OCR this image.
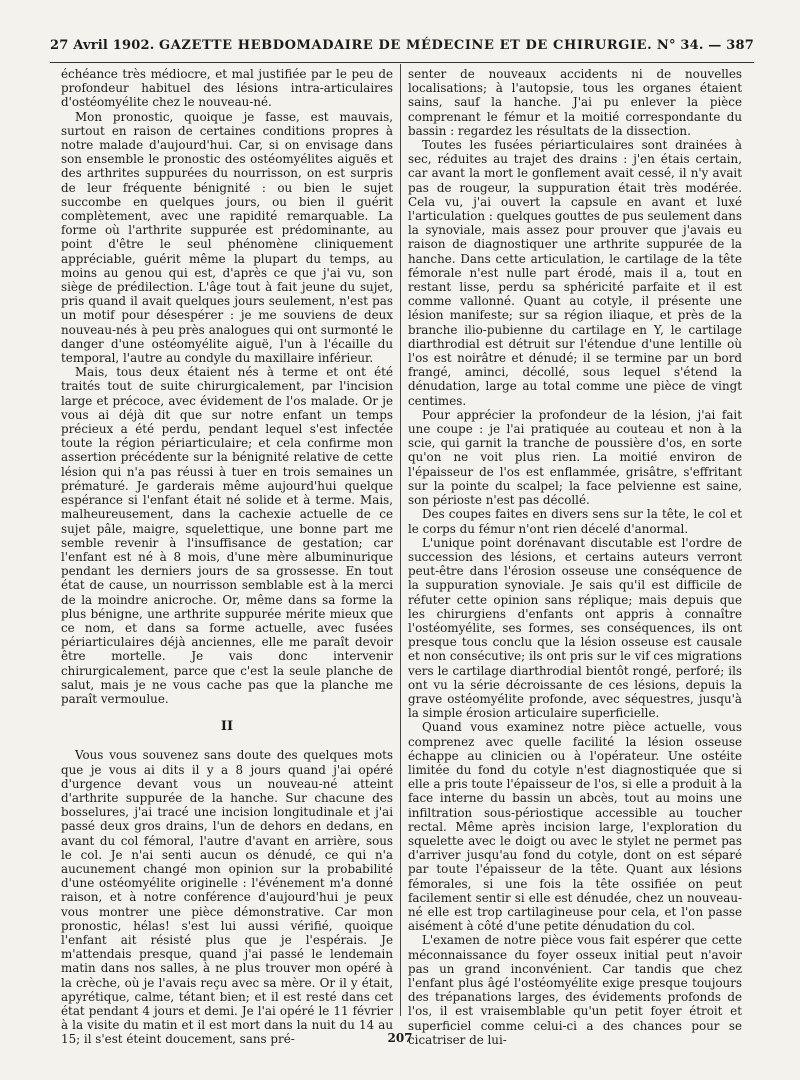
27 Avril 1902. GAZETTE HEBDOMADAIRE DE MÉDECINE ET DE CHIRURGIE. N° 34. — 387

échéance très médiocre, et mal justifiée par le peu de profondeur habituel des lésions intra-articulaires d'ostéomyélite chez le nouveau-né.

Mon pronostic, quoique je fasse, est mauvais, surtout en raison de certaines conditions propres à notre malade d'aujourd'hui. Car, si on envisage dans son ensemble le pronostic des ostéomyélites aiguës et des arthrites suppurées du nourrisson, on est surpris de leur fréquente bénignité : ou bien le sujet succombe en quelques jours, ou bien il guérit complètement, avec une rapidité remarquable. La forme où l'arthrite suppurée est prédominante, au point d'être le seul phénomène cliniquement appréciable, guérit même la plupart du temps, au moins au genou qui est, d'après ce que j'ai vu, son siège de prédilection. L'âge tout à fait jeune du sujet, pris quand il avait quelques jours seulement, n'est pas un motif pour désespérer : je me souviens de deux nouveau-nés à peu près analogues qui ont surmonté le danger d'une ostéomyélite aiguë, l'un à l'écaille du temporal, l'autre au condyle du maxillaire inférieur.

Mais, tous deux étaient nés à terme et ont été traités tout de suite chirurgicalement, par l'incision large et précoce, avec évidement de l'os malade. Or je vous ai déjà dit que sur notre enfant un temps précieux a été perdu, pendant lequel s'est infectée toute la région périarticulaire; et cela confirme mon assertion précédente sur la bénignité relative de cette lésion qui n'a pas réussi à tuer en trois semaines un prématuré. Je garderais même aujourd'hui quelque espérance si l'enfant était né solide et à terme. Mais, malheureusement, dans la cachexie actuelle de ce sujet pâle, maigre, squelettique, une bonne part me semble revenir à l'insuffisance de gestation; car l'enfant est né à 8 mois, d'une mère albuminurique pendant les derniers jours de sa grossesse. En tout état de cause, un nourrisson semblable est à la merci de la moindre anicroche. Or, même dans sa forme la plus bénigne, une arthrite suppurée mérite mieux que ce nom, et dans sa forme actuelle, avec fusées périarticulaires déjà anciennes, elle me paraît devoir être mortelle. Je vais donc intervenir chirurgicalement, parce que c'est la seule planche de salut, mais je ne vous cache pas que la planche me paraît vermoulue.

II

Vous vous souvenez sans doute des quelques mots que je vous ai dits il y a 8 jours quand j'ai opéré d'urgence devant vous un nouveau-né atteint d'arthrite suppurée de la hanche. Sur chacune des bosselures, j'ai tracé une incision longitudinale et j'ai passé deux gros drains, l'un de dehors en dedans, en avant du col fémoral, l'autre d'avant en arrière, sous le col. Je n'ai senti aucun os dénudé, ce qui n'a aucunement changé mon opinion sur la probabilité d'une ostéomyélite originelle : l'événement m'a donné raison, et à notre conférence d'aujourd'hui je peux vous montrer une pièce démonstrative. Car mon pronostic, hélas! s'est lui aussi vérifié, quoique l'enfant ait résisté plus que je l'espérais. Je m'attendais presque, quand j'ai passé le lendemain matin dans nos salles, à ne plus trouver mon opéré à la crèche, où je l'avais reçu avec sa mère. Or il y était, apyrétique, calme, tétant bien; et il est resté dans cet état pendant 4 jours et demi. Je l'ai opéré le 11 février à la visite du matin et il est mort dans la nuit du 14 au 15; il s'est éteint doucement, sans pré-

senter de nouveaux accidents ni de nouvelles localisations; à l'autopsie, tous les organes étaient sains, sauf la hanche. J'ai pu enlever la pièce comprenant le fémur et la moitié correspondante du bassin : regardez les résultats de la dissection.

Toutes les fusées périarticulaires sont drainées à sec, réduites au trajet des drains : j'en étais certain, car avant la mort le gonflement avait cessé, il n'y avait pas de rougeur, la suppuration était très modérée. Cela vu, j'ai ouvert la capsule en avant et luxé l'articulation : quelques gouttes de pus seulement dans la synoviale, mais assez pour prouver que j'avais eu raison de diagnostiquer une arthrite suppurée de la hanche. Dans cette articulation, le cartilage de la tête fémorale n'est nulle part érodé, mais il a, tout en restant lisse, perdu sa sphéricité parfaite et il est comme vallonné. Quant au cotyle, il présente une lésion manifeste; sur sa région iliaque, et près de la branche ilio-pubienne du cartilage en Y, le cartilage diarthrodial est détruit sur l'étendue d'une lentille où l'os est noirâtre et dénudé; il se termine par un bord frangé, aminci, décollé, sous lequel s'étend la dénudation, large au total comme une pièce de vingt centimes.

Pour apprécier la profondeur de la lésion, j'ai fait une coupe : je l'ai pratiquée au couteau et non à la scie, qui garnit la tranche de poussière d'os, en sorte qu'on ne voit plus rien. La moitié environ de l'épaisseur de l'os est enflammée, grisâtre, s'effritant sur la pointe du scalpel; la face pelvienne est saine, son périoste n'est pas décollé.

Des coupes faites en divers sens sur la tête, le col et le corps du fémur n'ont rien décelé d'anormal.

L'unique point dorénavant discutable est l'ordre de succession des lésions, et certains auteurs verront peut-être dans l'érosion osseuse une conséquence de la suppuration synoviale. Je sais qu'il est difficile de réfuter cette opinion sans réplique; mais depuis que les chirurgiens d'enfants ont appris à connaître l'ostéomyélite, ses formes, ses conséquences, ils ont presque tous conclu que la lésion osseuse est causale et non consécutive; ils ont pris sur le vif ces migrations vers le cartilage diarthrodial bientôt rongé, perforé; ils ont vu la série décroissante de ces lésions, depuis la grave ostéomyélite profonde, avec séquestres, jusqu'à la simple érosion articulaire superficielle.

Quand vous examinez notre pièce actuelle, vous comprenez avec quelle facilité la lésion osseuse échappe au clinicien ou à l'opérateur. Une ostéite limitée du fond du cotyle n'est diagnostiquée que si elle a pris toute l'épaisseur de l'os, si elle a produit à la face interne du bassin un abcès, tout au moins une infiltration sous-périostique accessible au toucher rectal. Même après incision large, l'exploration du squelette avec le doigt ou avec le stylet ne permet pas d'arriver jusqu'au fond du cotyle, dont on est séparé par toute l'épaisseur de la tête. Quant aux lésions fémorales, si une fois la tête ossifiée on peut facilement sentir si elle est dénudée, chez un nouveau-né elle est trop cartilagineuse pour cela, et l'on passe aisément à côté d'une petite dénudation du col.

L'examen de notre pièce vous fait espérer que cette méconnaissance du foyer osseux initial peut n'avoir pas un grand inconvénient. Car tandis que chez l'enfant plus âgé l'ostéomyélite exige presque toujours des trépanations larges, des évidements profonds de l'os, il est vraisemblable qu'un petit foyer étroit et superficiel comme celui-ci a des chances pour se cicatriser de lui-

207
